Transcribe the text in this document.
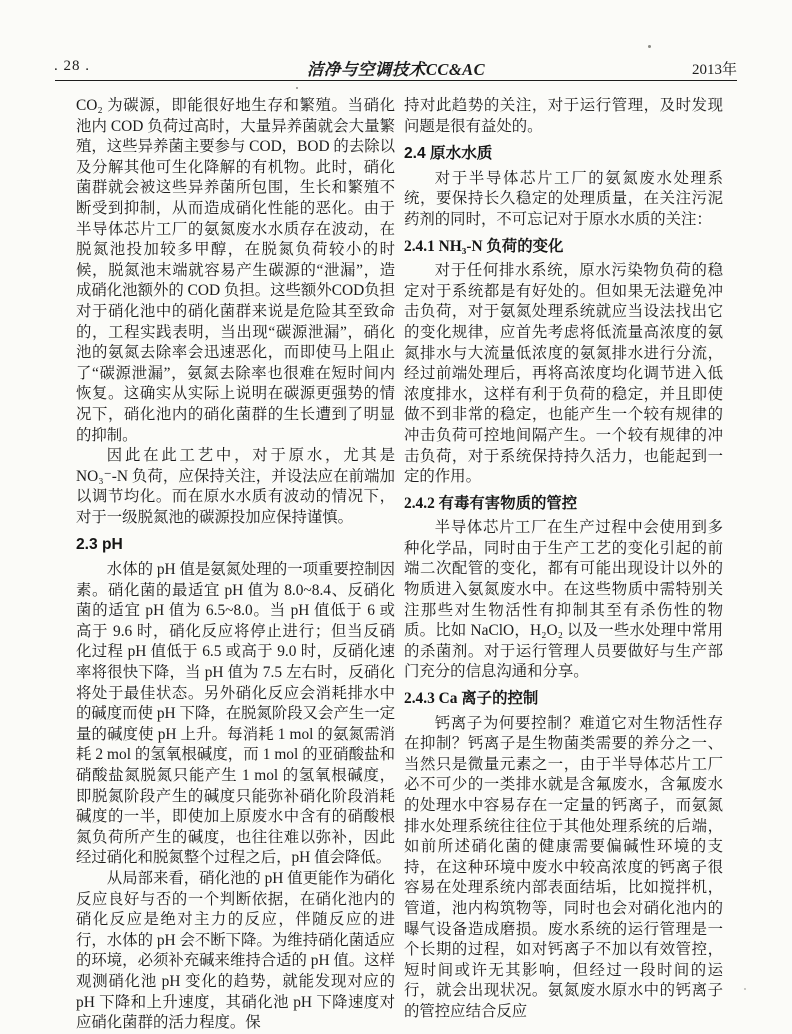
. 28 .	洁净与空调技术CC&AC	2013年

CO₂ 为碳源，即能很好地生存和繁殖。当硝化池内 COD 负荷过高时，大量异养菌就会大量繁殖，这些异养菌主要参与 COD，BOD 的去除以及分解其他可生化降解的有机物。此时，硝化菌群就会被这些异养菌所包围，生长和繁殖不断受到抑制，从而造成硝化性能的恶化。由于半导体芯片工厂的氨氮废水水质存在波动，在脱氮池投加较多甲醇，在脱氮负荷较小的时候，脱氮池末端就容易产生碳源的“泄漏”，造成硝化池额外的 COD 负担。这些额外COD负担对于硝化池中的硝化菌群来说是危险其至致命的，工程实践表明，当出现“碳源泄漏”，硝化池的氨氮去除率会迅速恶化，而即使马上阻止了“碳源泄漏”，氨氮去除率也很难在短时间内恢复。这确实从实际上说明在碳源更强势的情况下，硝化池内的硝化菌群的生长遭到了明显的抑制。

因此在此工艺中，对于原水，尤其是 NO₃⁻-N 负荷，应保持关注，并设法应在前端加以调节均化。而在原水水质有波动的情况下，对于一级脱氮池的碳源投加应保持谨慎。

2.3 pH

水体的 pH 值是氨氮处理的一项重要控制因素。硝化菌的最适宜 pH 值为 8.0~8.4、反硝化菌的适宜 pH 值为 6.5~8.0。当 pH 值低于 6 或高于 9.6 时，硝化反应将停止进行；但当反硝化过程 pH 值低于 6.5 或高于 9.0 时，反硝化速率将很快下降，当 pH 值为 7.5 左右时，反硝化将处于最佳状态。另外硝化反应会消耗排水中的碱度而使 pH 下降，在脱氮阶段又会产生一定量的碱度使 pH 上升。每消耗 1 mol 的氨氮需消耗 2 mol 的氢氧根碱度，而 1 mol 的亚硝酸盐和硝酸盐氮脱氮只能产生 1 mol 的氢氧根碱度，即脱氮阶段产生的碱度只能弥补硝化阶段消耗碱度的一半，即使加上原废水中含有的硝酸根氮负荷所产生的碱度，也往往难以弥补，因此经过硝化和脱氮整个过程之后，pH 值会降低。

从局部来看，硝化池的 pH 值更能作为硝化反应良好与否的一个判断依据，在硝化池内的硝化反应是绝对主力的反应，伴随反应的进行，水体的 pH 会不断下降。为维持硝化菌适应的环境，必须补充碱来维持合适的 pH 值。这样观测硝化池 pH 变化的趋势，就能发现对应的 pH 下降和上升速度，其硝化池 pH 下降速度对应硝化菌群的活力程度。保

持对此趋势的关注，对于运行管理，及时发现问题是很有益处的。

2.4 原水水质

对于半导体芯片工厂的氨氮废水处理系统，要保持长久稳定的处理质量，在关注污泥药剂的同时，不可忘记对于原水水质的关注：

2.4.1 NH₃-N 负荷的变化

对于任何排水系统，原水污染物负荷的稳定对于系统都是有好处的。但如果无法避免冲击负荷，对于氨氮处理系统就应当设法找出它的变化规律，应首先考虑将低流量高浓度的氨氮排水与大流量低浓度的氨氮排水进行分流，经过前端处理后，再将高浓度均化调节进入低浓度排水，这样有利于负荷的稳定，并且即使做不到非常的稳定，也能产生一个较有规律的冲击负荷可控地间隔产生。一个较有规律的冲击负荷，对于系统保持持久活力，也能起到一定的作用。

2.4.2 有毒有害物质的管控

半导体芯片工厂在生产过程中会使用到多种化学品，同时由于生产工艺的变化引起的前端二次配管的变化，都有可能出现设计以外的物质进入氨氮废水中。在这些物质中需特别关注那些对生物活性有抑制其至有杀伤性的物质。比如 NaClO，H₂O₂ 以及一些水处理中常用的杀菌剂。对于运行管理人员要做好与生产部门充分的信息沟通和分享。

2.4.3 Ca 离子的控制

钙离子为何要控制？难道它对生物活性存在抑制？钙离子是生物菌类需要的养分之一、当然只是微量元素之一，由于半导体芯片工厂必不可少的一类排水就是含氟废水，含氟废水的处理水中容易存在一定量的钙离子，而氨氮排水处理系统往往位于其他处理系统的后端，如前所述硝化菌的健康需要偏碱性环境的支持，在这种环境中废水中较高浓度的钙离子很容易在处理系统内部表面结垢，比如搅拌机，管道，池内构筑物等，同时也会对硝化池内的曝气设备造成磨损。废水系统的运行管理是一个长期的过程，如对钙离子不加以有效管控，短时间或许无其影响，但经过一段时间的运行，就会出现状况。氨氮废水原水中的钙离子的管控应结合反应
